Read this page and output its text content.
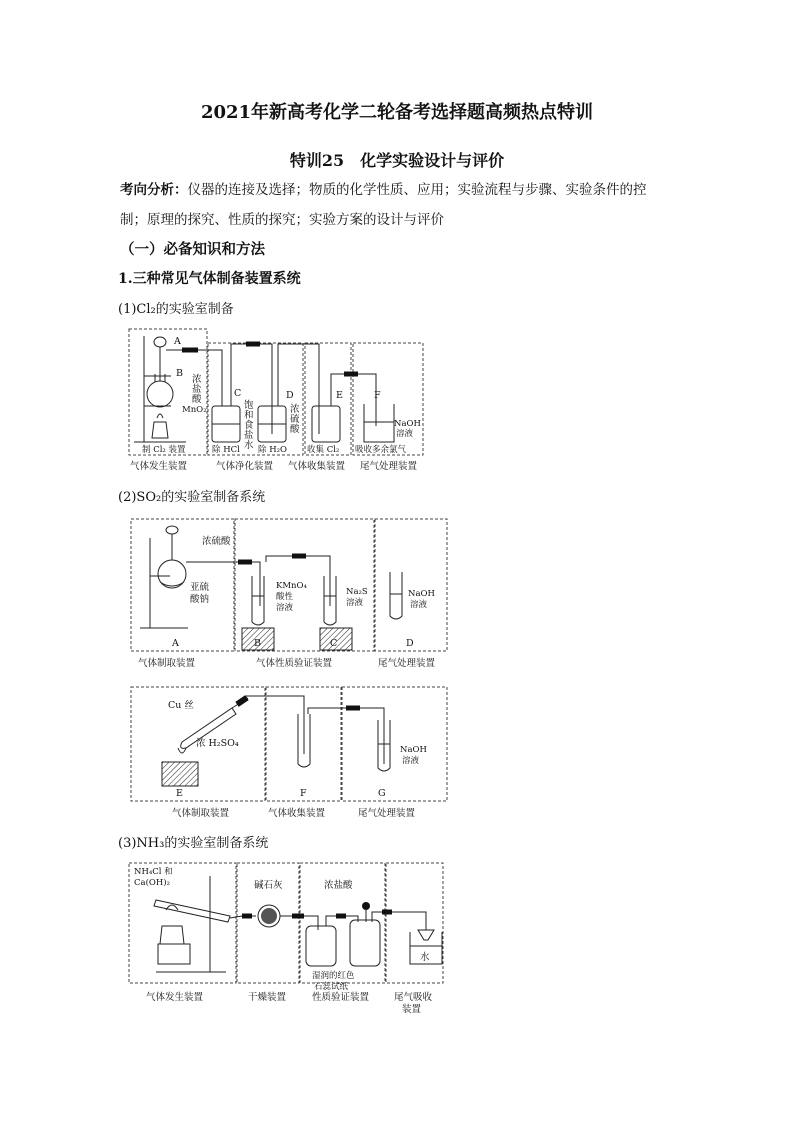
2021年新高考化学二轮备考选择题高频热点特训
特训25　化学实验设计与评价
考向分析：仪器的连接及选择；物质的化学性质、应用；实验流程与步骤、实验条件的控
制；原理的探究、性质的探究；实验方案的设计与评价
（一）必备知识和方法
1.三种常见气体制备装置系统
(1)Cl₂的实验室制备
A
B
浓
盐
酸
MnO₂
C
饱
和
食
盐
水
D
浓
硫
酸
E	F
NaOH
溶液
制 Cl₂ 装置	除 HCl 除 H₂O 收集 Cl₂ 吸收多余氯气
气体发生装置	气体净化装置 气体收集装置 尾气处理装置
(2)SO₂的实验室制备系统
浓硫酸
亚硫
酸钠
KMnO₄
酸性
溶液
Na₂S
溶液
NaOH
溶液
A	B	C	D
气体制取装置	气体性质验证装置	尾气处理装置
Cu 丝
浓 H₂SO₄
NaOH
溶液
E	F	G
气体制取装置	气体收集装置	尾气处理装置
(3)NH₃的实验室制备系统
NH₄Cl 和
Ca(OH)₂	碱石灰	浓盐酸
湿润的红色
石蕊试纸
水
气体发生装置	干燥装置	性质验证装置	尾气吸收
装置
